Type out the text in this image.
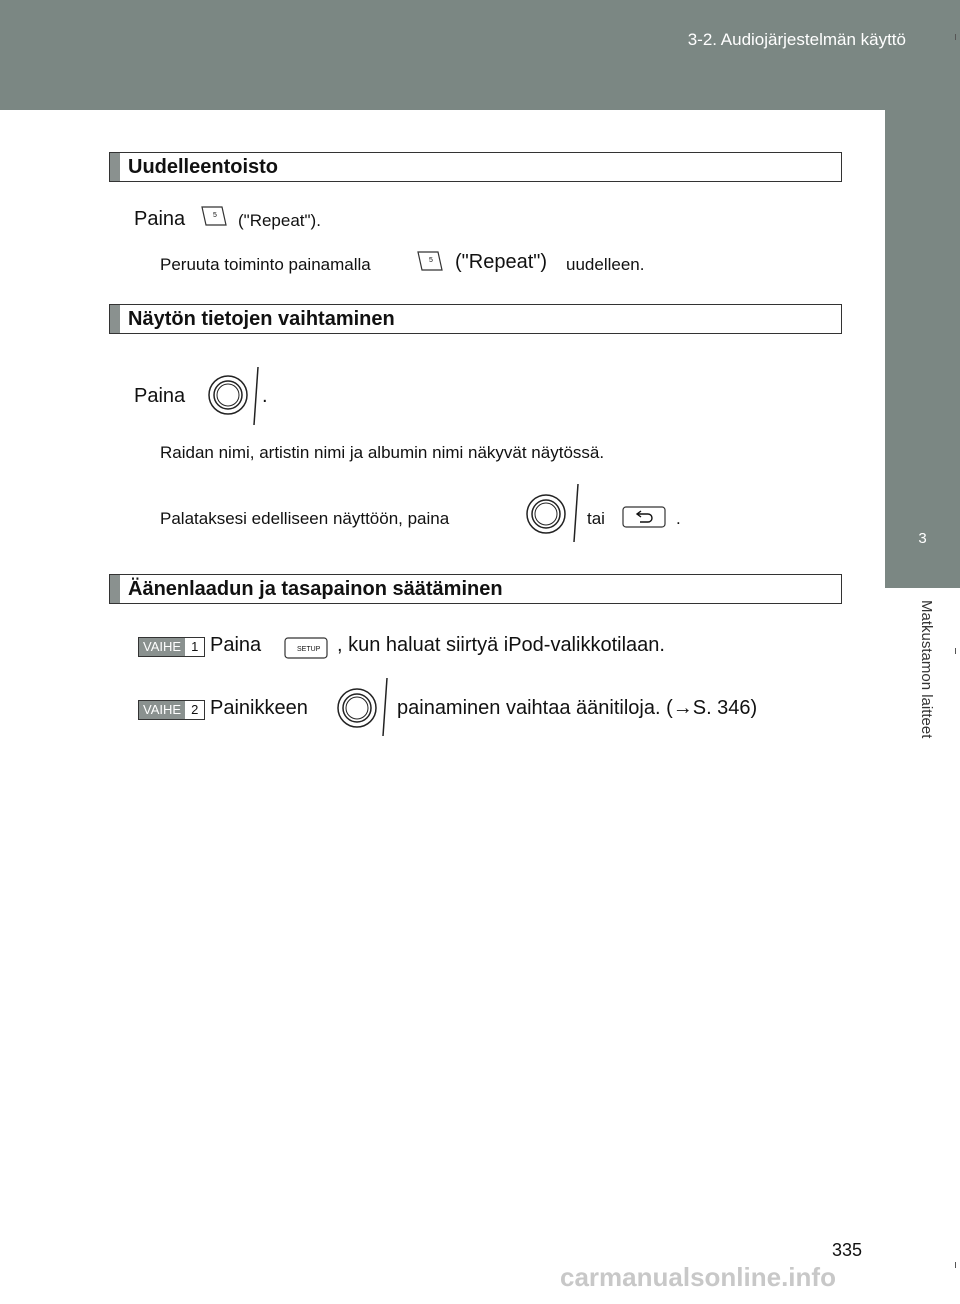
3-2. Audiojärjestelmän käyttö
3
Matkustamon laitteet
Uudelleentoisto
Paina	5 ("Repeat").
Peruuta toiminto painamalla	5 ("Repeat") uudelleen.
Näytön tietojen vaihtaminen
Paina	.
Raidan nimi, artistin nimi ja albumin nimi näkyvät näytössä.
Palataksesi edelliseen näyttöön, paina	tai	.
Äänenlaadun ja tasapainon säätäminen
VAIHE 1 Paina	SETUP , kun haluat siirtyä iPod-valikkotilaan.
VAIHE 2 Painikkeen	painaminen vaihtaa äänitiloja. (→S. 346)
335
carmanualsonline.info
